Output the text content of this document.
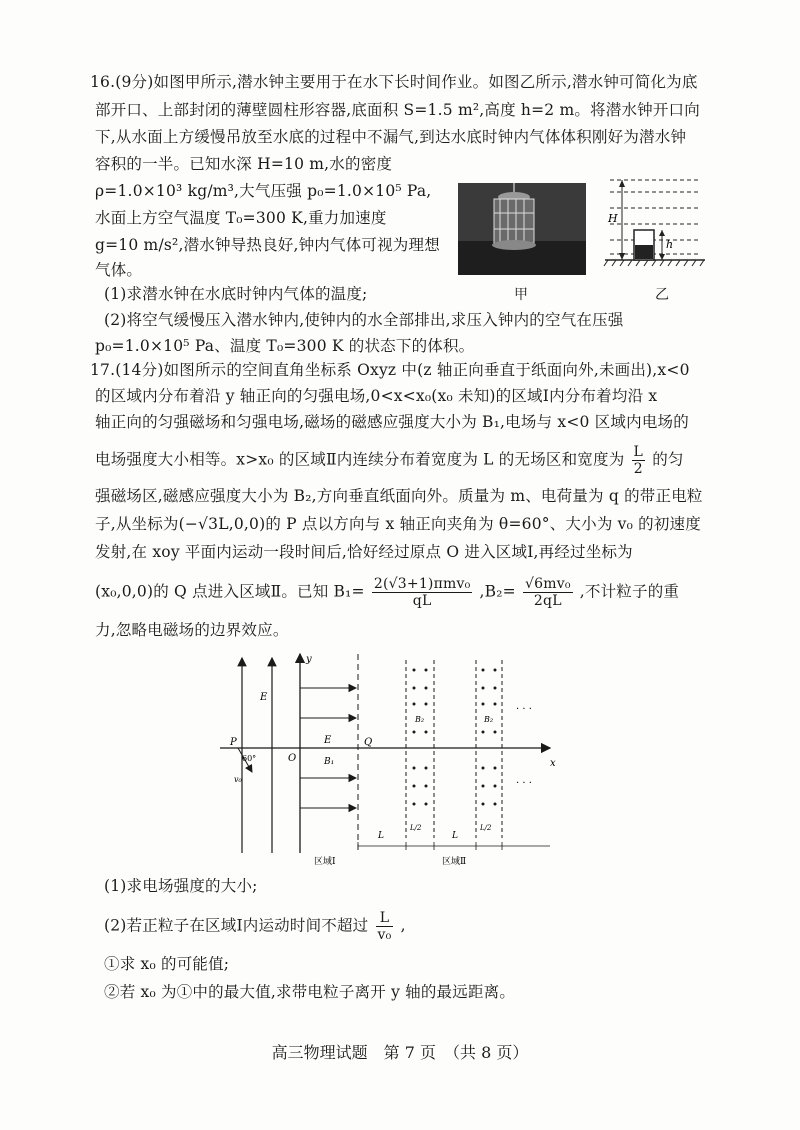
16.(9分)如图甲所示,潜水钟主要用于在水下长时间作业。如图乙所示,潜水钟可简化为底
部开口、上部封闭的薄壁圆柱形容器,底面积 S=1.5 m²,高度 h=2 m。将潜水钟开口向
下,从水面上方缓慢吊放至水底的过程中不漏气,到达水底时钟内气体体积刚好为潜水钟
容积的一半。已知水深 H=10 m,水的密度
ρ=1.0×10³ kg/m³,大气压强 p₀=1.0×10⁵ Pa,
水面上方空气温度 T₀=300 K,重力加速度
g=10 m/s²,潜水钟导热良好,钟内气体可视为理想
气体。
(1)求潜水钟在水底时钟内气体的温度;
(2)将空气缓慢压入潜水钟内,使钟内的水全部排出,求压入钟内的空气在压强
p₀=1.0×10⁵ Pa、温度 T₀=300 K 的状态下的体积。
甲
H
h
乙
17.(14分)如图所示的空间直角坐标系 Oxyz 中(z 轴正向垂直于纸面向外,未画出),x<0
的区域内分布着沿 y 轴正向的匀强电场,0<x<x₀(x₀ 未知)的区域Ⅰ内分布着均沿 x
轴正向的匀强磁场和匀强电场,磁场的磁感应强度大小为 B₁,电场与 x<0 区域内电场的
电场强度大小相等。x>x₀ 的区域Ⅱ内连续分布着宽度为 L 的无场区和宽度为 $\frac{L}{2}$ 的匀
强磁场区,磁感应强度大小为 B₂,方向垂直纸面向外。质量为 m、电荷量为 q 的带正电粒
子,从坐标为(−√3L,0,0)的 P 点以方向与 x 轴正向夹角为 θ=60°、大小为 v₀ 的初速度
发射,在 xoy 平面内运动一段时间后,恰好经过原点 O 进入区域Ⅰ,再经过坐标为
(x₀,0,0)的 Q 点进入区域Ⅱ。已知 $B_1= \frac{\text{2(√3+1)πmv₀}}{qL} ,B_2= \frac{\text{√6mv₀}}{2qL}$ ,不计粒子的重
力,忽略电磁场的边界效应。
E
y
x
P
60°
v₀
O
E	Q
B₁
B₂	B₂
· · ·
· · ·
L
L/2
L
L/2
区域Ⅰ	区域Ⅱ
(1)求电场强度的大小;
(2)若正粒子在区域Ⅰ内运动时间不超过 $\frac{L}{\text{v₀}}$ ,
①求 x₀ 的可能值;
②若 x₀ 为①中的最大值,求带电粒子离开 y 轴的最远距离。
高三物理试题　第 7 页　（共 8 页）
